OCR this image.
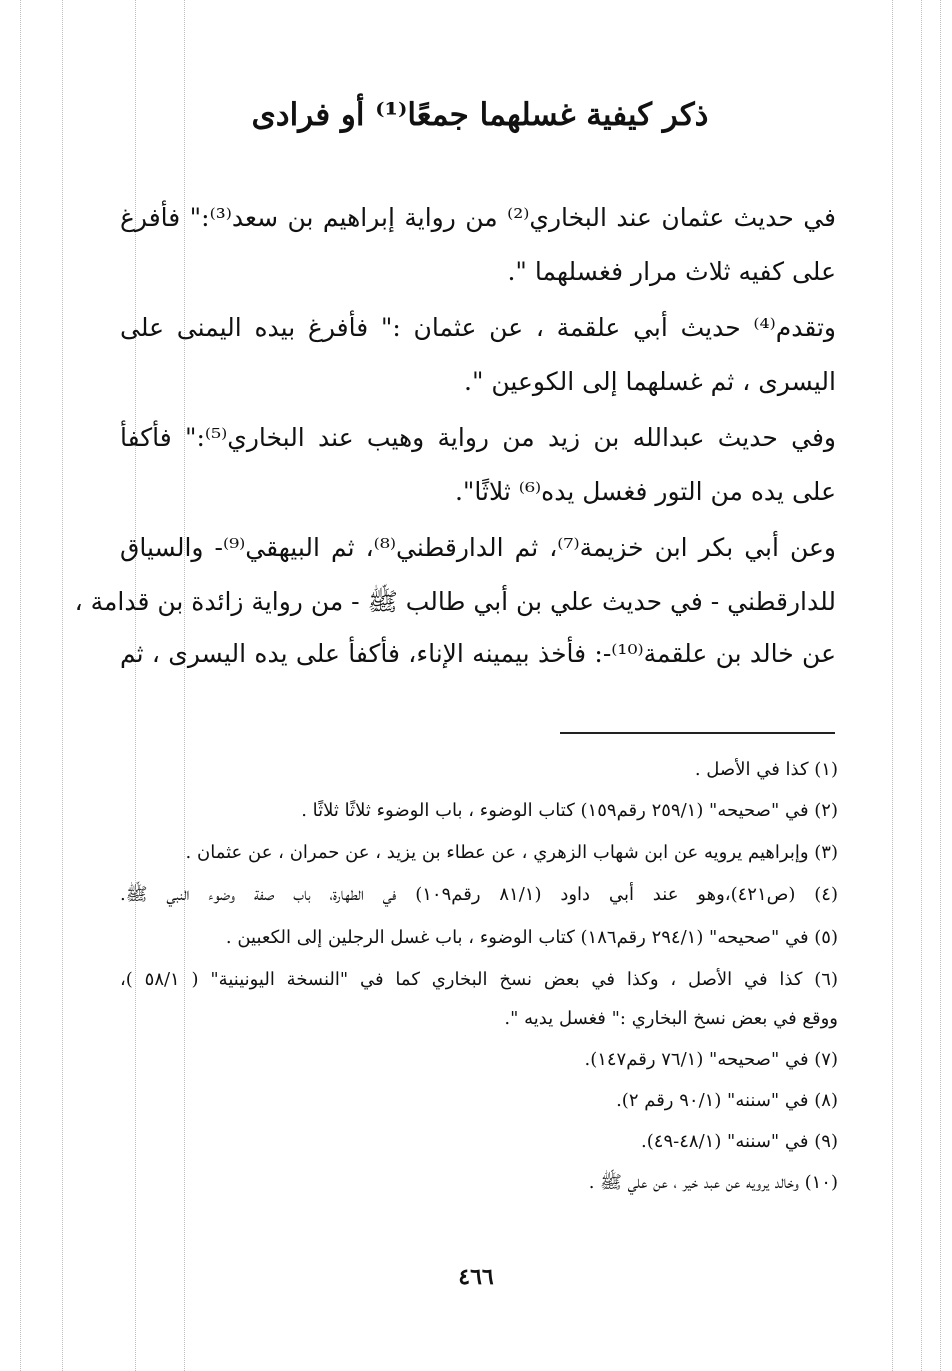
ذكر كيفية غسلهما جمعًا⁽¹⁾ أو فرادى
في حديث عثمان عند البخاري⁽²⁾ من رواية إبراهيم بن سعد⁽³⁾:" فأفرغ
على كفيه ثلاث مرار فغسلهما ".
وتقدم⁽⁴⁾ حديث أبي علقمة ، عن عثمان :" فأفرغ بيده اليمنى على
اليسرى ، ثم غسلهما إلى الكوعين ".
وفي حديث عبدالله بن زيد من رواية وهيب عند البخاري⁽⁵⁾:" فأكفأ
على يده من التور فغسل يده⁽⁶⁾ ثلاثًا".
وعن أبي بكر ابن خزيمة⁽⁷⁾، ثم الدارقطني⁽⁸⁾، ثم البيهقي⁽⁹⁾- والسياق
للدارقطني - في حديث علي بن أبي طالب ﷺ - من رواية زائدة بن قدامة ،
عن خالد بن علقمة⁽¹⁰⁾-: فأخذ بيمينه الإناء، فأكفأ على يده اليسرى ، ثم
(١) كذا في الأصل .
(٢) في "صحيحه" (٢٥٩/١ رقم١٥٩) كتاب الوضوء ، باب الوضوء ثلاثًا ثلاثًا .
(٣) وإبراهيم يرويه عن ابن شهاب الزهري ، عن عطاء بن يزيد ، عن حمران ، عن عثمان .
(٤) (ص٤٢١)،وهو عند أبي داود (٨١/١ رقم١٠٩) في الطهارة، باب صفة وضوء النبي ﷺ.
(٥) في "صحيحه" (٢٩٤/١ رقم١٨٦) كتاب الوضوء ، باب غسل الرجلين إلى الكعبين .
(٦) كذا في الأصل ، وكذا في بعض نسخ البخاري كما في "النسخة اليونينية" ( ٥٨/١ )،
ووقع في بعض نسخ البخاري :" فغسل يديه ".
(٧) في "صحيحه" (٧٦/١ رقم١٤٧).
(٨) في "سننه" (٩٠/١ رقم ٢).
(٩) في "سننه" (٤٨/١-٤٩).
(١٠) وخالد يرويه عن عبد خير ، عن علي ﷺ .
٤٦٦
